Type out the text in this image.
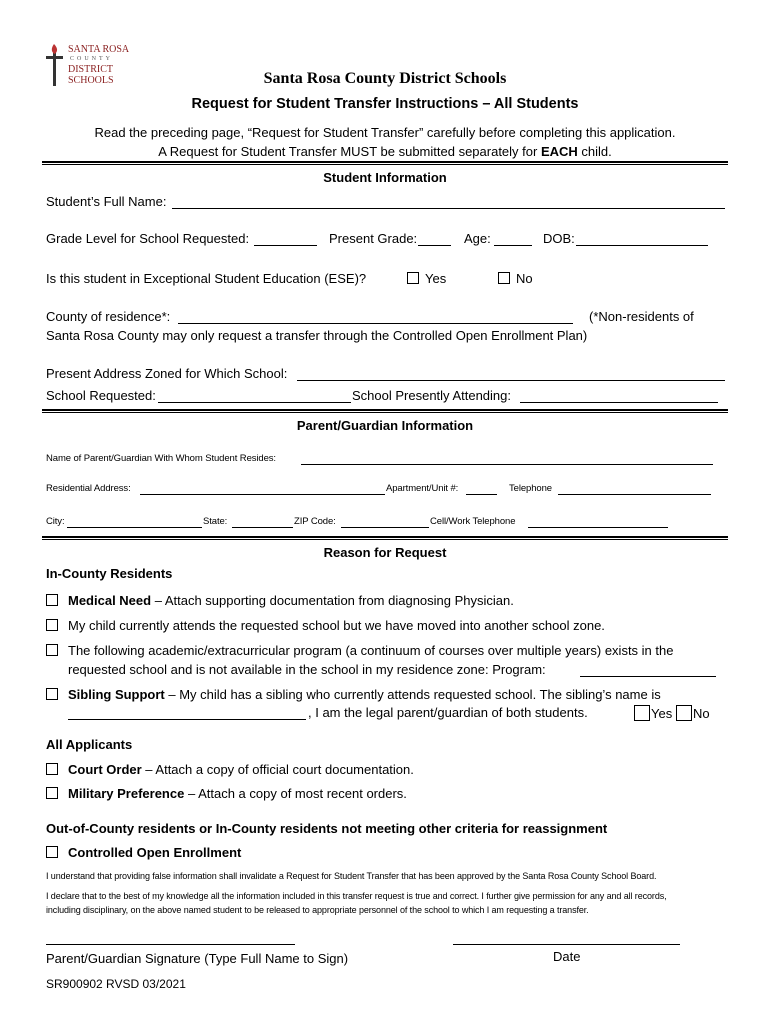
SANTA ROSA
COUNTY
DISTRICT
SCHOOLS	Santa Rosa County District Schools
Request for Student Transfer Instructions – All Students
Read the preceding page, “Request for Student Transfer” carefully before completing this application.
A Request for Student Transfer MUST be submitted separately for EACH child.
Student Information
Student’s Full Name:
Grade Level for School Requested:	Present Grade:	Age:	DOB:
Is this student in Exceptional Student Education (ESE)?	Yes	No
County of residence*:	(*Non-residents of
Santa Rosa County may only request a transfer through the Controlled Open Enrollment Plan)
Present Address Zoned for Which School:
School Requested:	School Presently Attending:
Parent/Guardian Information
Name of Parent/Guardian With Whom Student Resides:
Residential Address:	Apartment/Unit #:	Telephone
City:	State:	ZIP Code:	Cell/Work Telephone
Reason for Request
In-County Residents
Medical Need – Attach supporting documentation from diagnosing Physician.
My child currently attends the requested school but we have moved into another school zone.
The following academic/extracurricular program (a continuum of courses over multiple years) exists in the
requested school and is not available in the school in my residence zone: Program:
Sibling Support – My child has a sibling who currently attends requested school. The sibling’s name is
, I am the legal parent/guardian of both students.	Yes	No
All Applicants
Court Order – Attach a copy of official court documentation.
Military Preference – Attach a copy of most recent orders.
Out-of-County residents or In-County residents not meeting other criteria for reassignment
Controlled Open Enrollment
I understand that providing false information shall invalidate a Request for Student Transfer that has been approved by the Santa Rosa County School Board.
I declare that to the best of my knowledge all the information included in this transfer request is true and correct. I further give permission for any and all records,
including disciplinary, on the above named student to be released to appropriate personnel of the school to which I am requesting a transfer.
Parent/Guardian Signature (Type Full Name to Sign)	Date
SR900902 RVSD 03/2021
